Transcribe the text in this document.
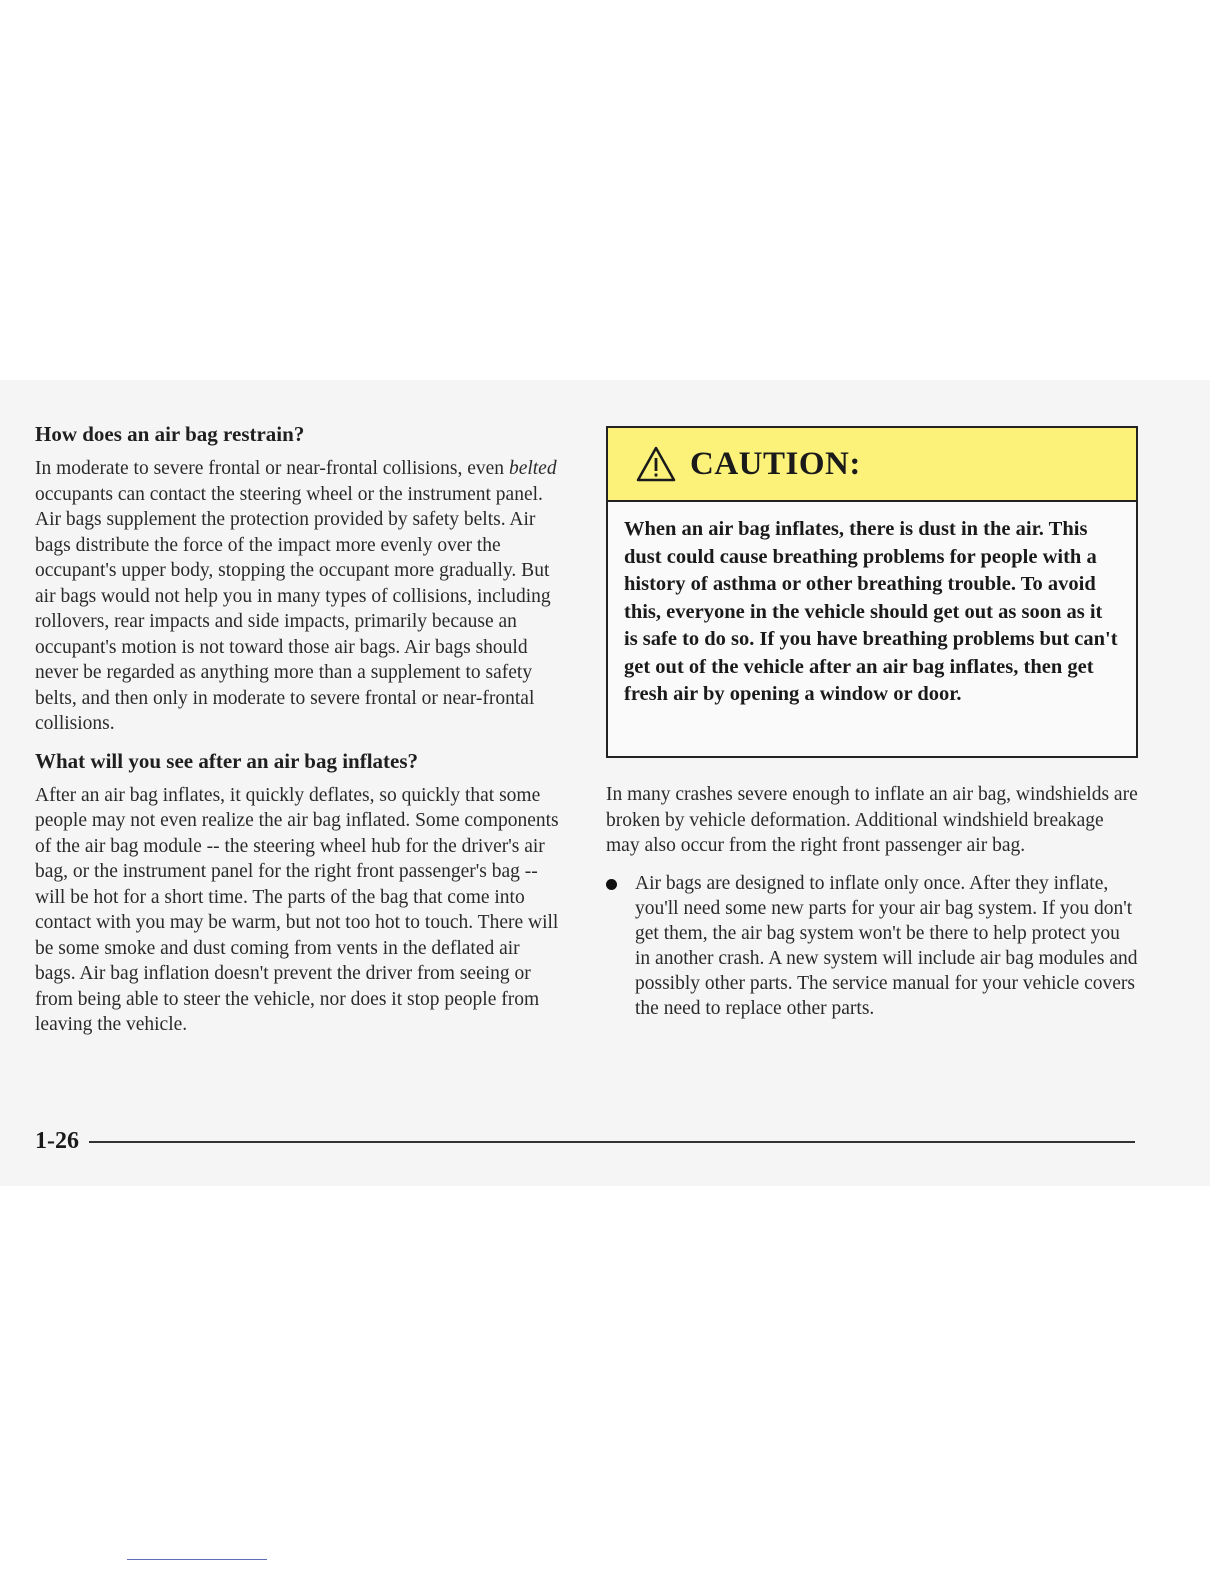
How does an air bag restrain?

In moderate to severe frontal or near-frontal collisions, even belted occupants can contact the steering wheel or the instrument panel. Air bags supplement the protection provided by safety belts. Air bags distribute the force of the impact more evenly over the occupant's upper body, stopping the occupant more gradually. But air bags would not help you in many types of collisions, including rollovers, rear impacts and side impacts, primarily because an occupant's motion is not toward those air bags. Air bags should never be regarded as anything more than a supplement to safety belts, and then only in moderate to severe frontal or near-frontal collisions.

What will you see after an air bag inflates?

After an air bag inflates, it quickly deflates, so quickly that some people may not even realize the air bag inflated. Some components of the air bag module -- the steering wheel hub for the driver's air bag, or the instrument panel for the right front passenger's bag -- will be hot for a short time. The parts of the bag that come into contact with you may be warm, but not too hot to touch. There will be some smoke and dust coming from vents in the deflated air bags. Air bag inflation doesn't prevent the driver from seeing or from being able to steer the vehicle, nor does it stop people from leaving the vehicle.

CAUTION:
When an air bag inflates, there is dust in the air. This dust could cause breathing problems for people with a history of asthma or other breathing trouble. To avoid this, everyone in the vehicle should get out as soon as it is safe to do so. If you have breathing problems but can't get out of the vehicle after an air bag inflates, then get fresh air by opening a window or door.

In many crashes severe enough to inflate an air bag, windshields are broken by vehicle deformation. Additional windshield breakage may also occur from the right front passenger air bag.

Air bags are designed to inflate only once. After they inflate, you'll need some new parts for your air bag system. If you don't get them, the air bag system won't be there to help protect you in another crash. A new system will include air bag modules and possibly other parts. The service manual for your vehicle covers the need to replace other parts.
1-26
